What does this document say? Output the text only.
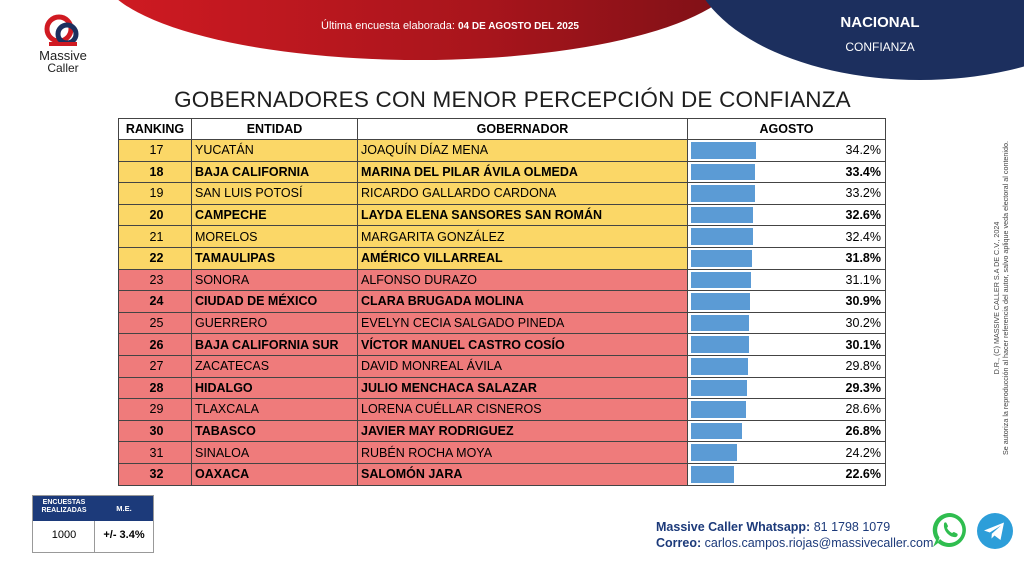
Última encuesta elaborada: 04 DE AGOSTO DEL 2025	NACIONAL
CONFIANZA
Massive
Caller
GOBERNADORES CON MENOR PERCEPCIÓN DE CONFIANZA
RANKING	ENTIDAD	GOBERNADOR	AGOSTO
17	YUCATÁN	JOAQUÍN DÍAZ MENA	34.2%

18	BAJA CALIFORNIA	MARINA DEL PILAR ÁVILA OLMEDA	33.4%

19	SAN LUIS POTOSÍ	RICARDO GALLARDO CARDONA	33.2%

20	CAMPECHE	LAYDA ELENA SANSORES SAN ROMÁN	32.6%

21	MORELOS	MARGARITA GONZÁLEZ	32.4%

22	TAMAULIPAS	AMÉRICO VILLARREAL	31.8%

23	SONORA	ALFONSO DURAZO	31.1%

24	CIUDAD DE MÉXICO	CLARA BRUGADA MOLINA	30.9%

25	GUERRERO	EVELYN CECIA SALGADO PINEDA	30.2%

26	BAJA CALIFORNIA SUR	VÍCTOR MANUEL CASTRO COSÍO	30.1%

27	ZACATECAS	DAVID MONREAL ÁVILA	29.8%

28	HIDALGO	JULIO MENCHACA SALAZAR	29.3%

29	TLAXCALA	LORENA CUÉLLAR CISNEROS	28.6%

30	TABASCO	JAVIER MAY RODRIGUEZ	26.8%

31	SINALOA	RUBÉN ROCHA MOYA	24.2%

32	OAXACA	SALOMÓN JARA	22.6%
ENCUESTAS
REALIZADAS	M.E.
1000	+/- 3.4%
Massive Caller Whatsapp: 81 1798 1079
Correo: carlos.campos.riojas@massivecaller.com
D.R., (C) MASSIVE CALLER S.A DE C.V., 2024
Se autoriza la reproducción al hacer referencia del autor, salvo aplique veda electoral al contenido.
